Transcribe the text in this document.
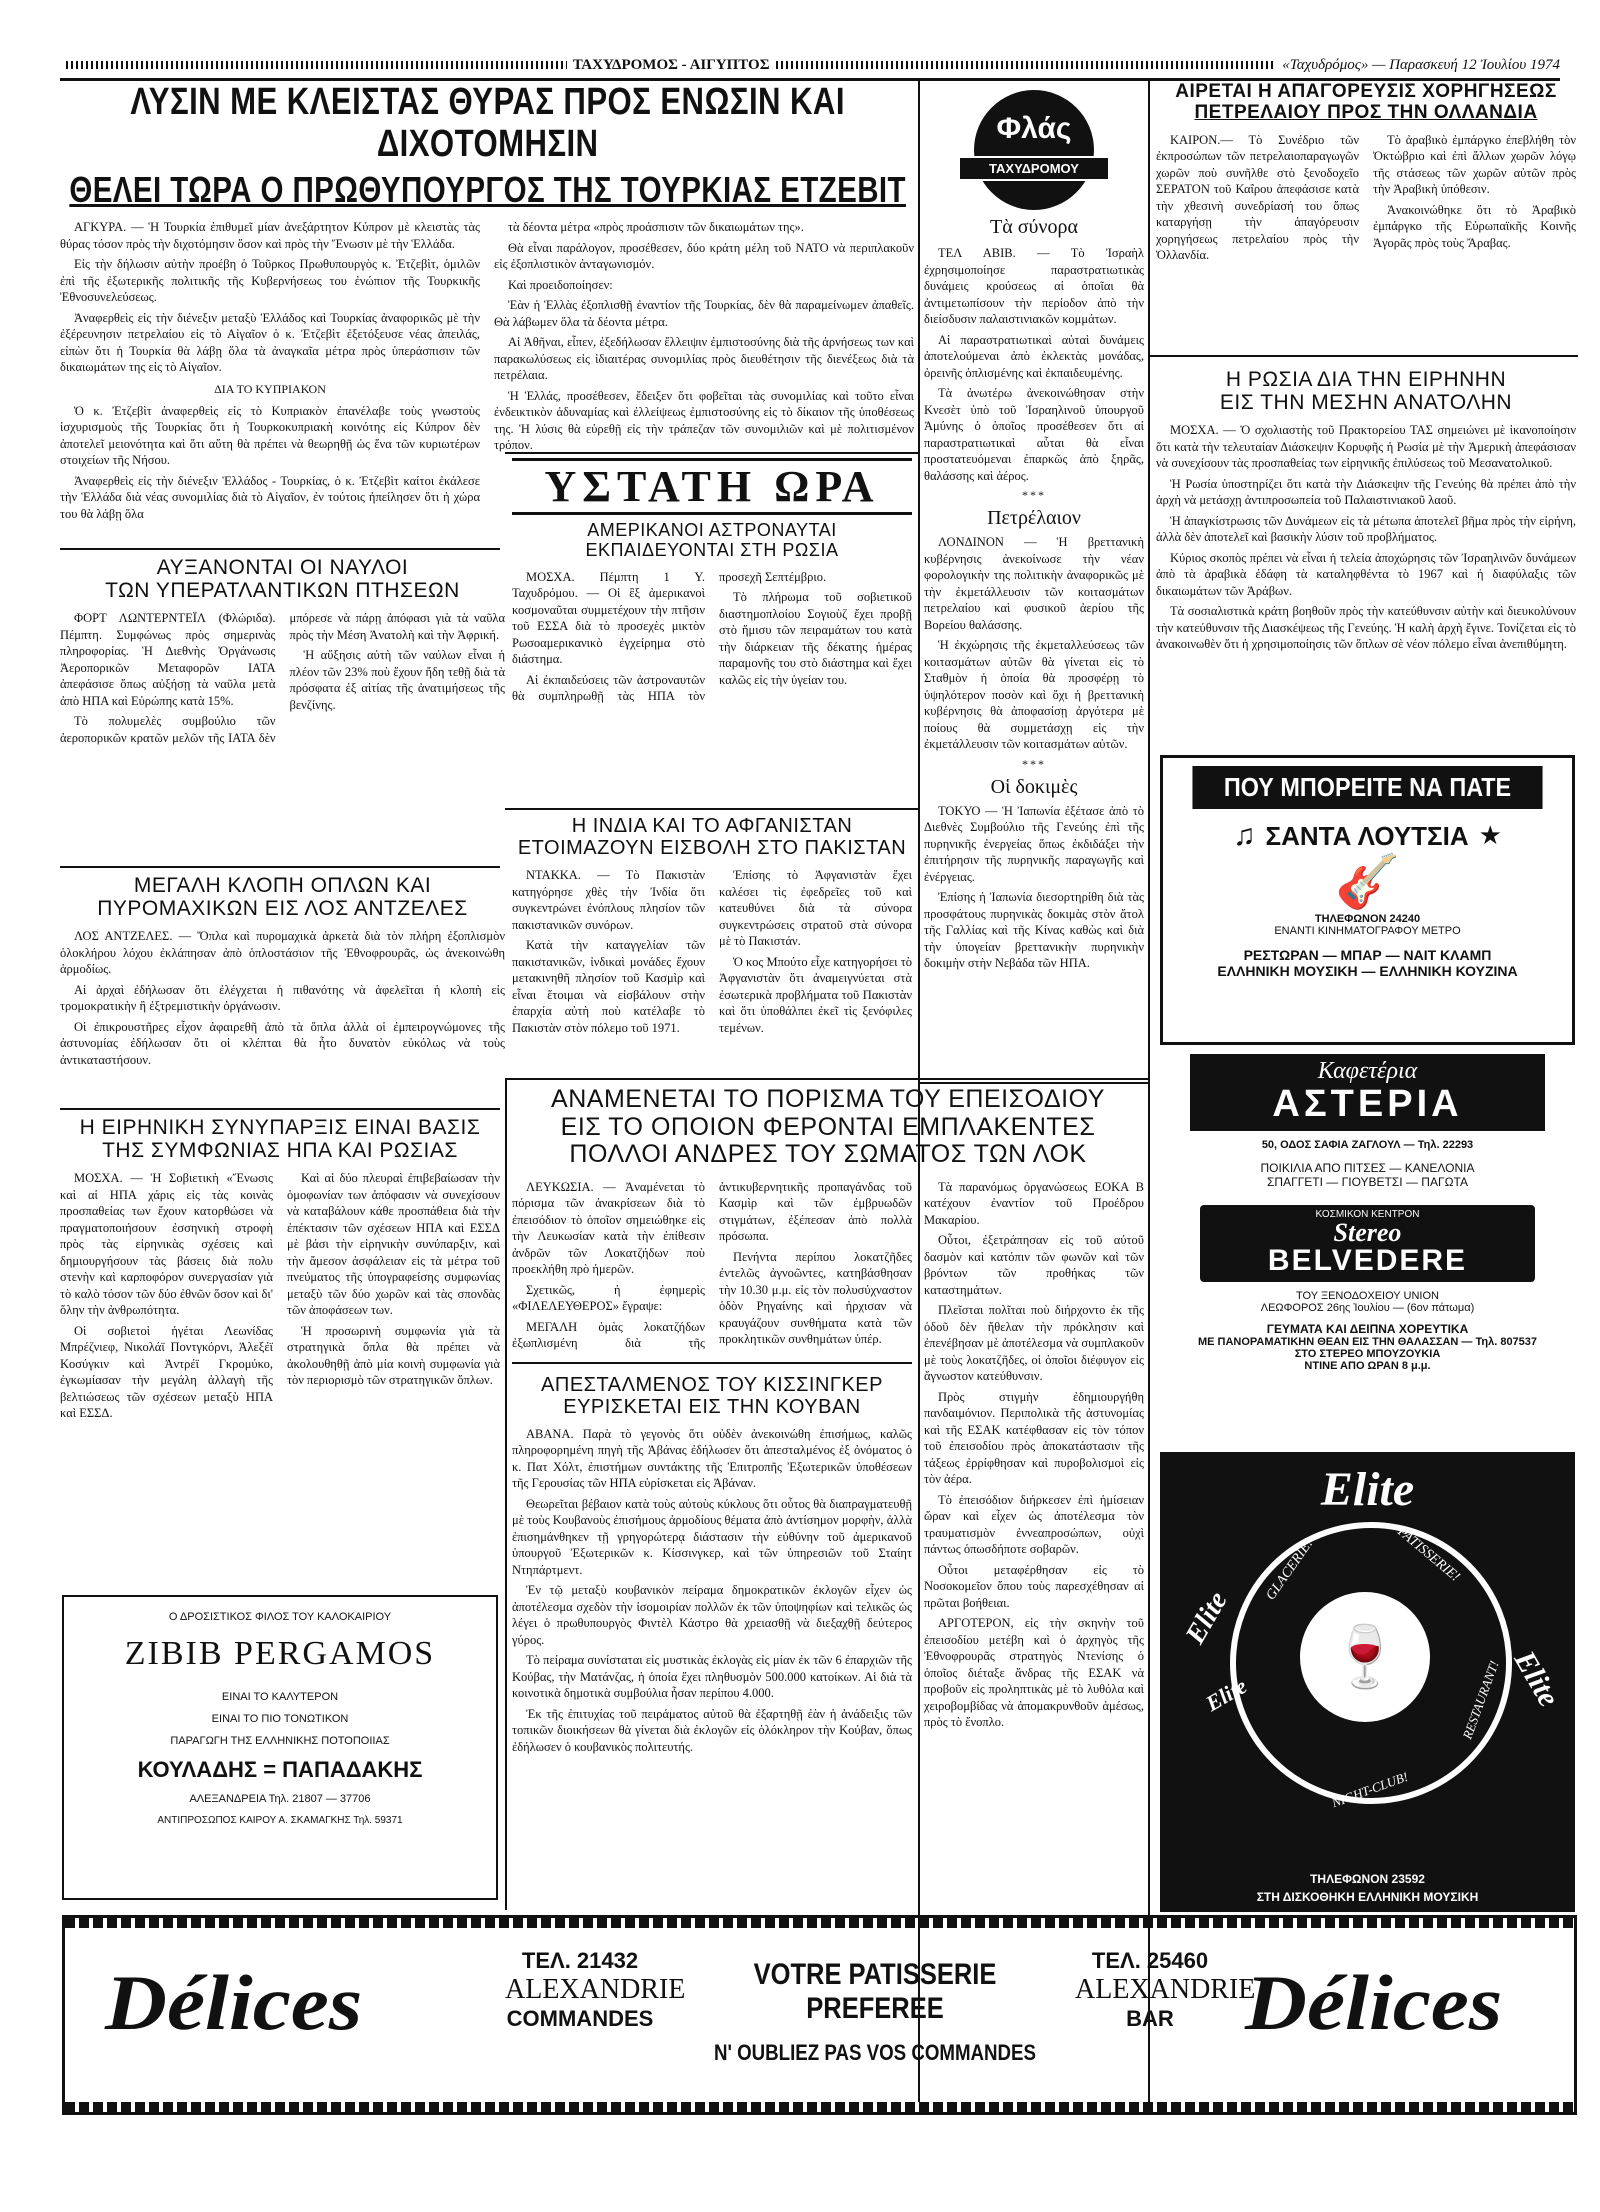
ΤΑΧΥΔΡΟΜΟΣ - ΑΙΓΥΠΤΟΣ	«Ταχυδρόμος» — Παρασκευή 12 Ἰουλίου 1974
ΛΥΣΙΝ ΜΕ ΚΛΕΙΣΤΑΣ ΘΥΡΑΣ ΠΡΟΣ ΕΝΩΣΙΝ ΚΑΙ ΔΙΧΟΤΟΜΗΣΙΝ
ΘΕΛΕΙ ΤΩΡΑ Ο ΠΡΩΘΥΠΟΥΡΓΟΣ ΤΗΣ ΤΟΥΡΚΙΑΣ ΕΤΖΕΒΙΤ

ΑΓΚΥΡΑ. — Ἡ Τουρκία ἐπιθυμεῖ μίαν ἀνεξάρτητον Κύπρον μὲ κλειστὰς τὰς θύρας τόσον πρὸς τὴν διχοτόμησιν ὅσον καὶ πρὸς τὴν Ἕνωσιν μὲ τὴν Ἑλλάδα.

Εἰς τὴν δήλωσιν αὐτὴν προέβη ὁ Τοῦρκος Πρωθυπουργὸς κ. Ἐτζεβὶτ, ὁμιλῶν ἐπὶ τῆς ἐξωτερικῆς πολιτικῆς τῆς Κυβερνήσεως του ἐνώπιον τῆς Τουρκικῆς Ἐθνοσυνελεύσεως.

Ἀναφερθεὶς εἰς τὴν διένεξιν μεταξὺ Ἑλλάδος καὶ Τουρκίας ἀναφορικῶς μὲ τὴν ἐξέρευνησιν πετρελαίου εἰς τὸ Αἰγαῖον ὁ κ. Ἐτζεβὶτ ἐξετόξευσε νέας ἀπειλάς, εἰπὼν ὅτι ἡ Τουρκία θὰ λάβῃ ὅλα τὰ ἀναγκαῖα μέτρα πρὸς ὑπεράσπισιν τῶν δικαιωμάτων της εἰς τὸ Αἰγαῖον.

ΔΙΑ ΤΟ ΚΥΠΡΙΑΚΟΝ

Ὁ κ. Ἐτζεβὶτ ἀναφερθεὶς εἰς τὸ Κυπριακὸν ἐπανέλαβε τοὺς γνωστοὺς ἰσχυρισμοὺς τῆς Τουρκίας ὅτι ἡ Τουρκοκυπριακὴ κοινότης εἰς Κύπρον δὲν ἀποτελεῖ μειονότητα καὶ ὅτι αὕτη θὰ πρέπει νὰ θεωρηθῇ ὡς ἕνα τῶν κυριωτέρων στοιχείων τῆς Νήσου.

Ἀναφερθεὶς εἰς τὴν διένεξιν Ἑλλάδος - Τουρκίας, ὁ κ. Ἐτζεβὶτ καίτοι ἐκάλεσε τὴν Ἑλλάδα διὰ νέας συνομιλίας διὰ τὸ Αἰγαῖον, ἐν τούτοις ἠπείλησεν ὅτι ἡ χώρα του θὰ λάβῃ ὅλα

τὰ δέοντα μέτρα «πρὸς προάσπισιν τῶν δικαιωμάτων της».

Θὰ εἶναι παράλογον, προσέθεσεν, δύο κράτη μέλη τοῦ ΝΑΤΟ νὰ περιπλακοῦν εἰς ἐξοπλιστικὸν ἀνταγωνισμόν.

Καὶ προειδοποίησεν:

Ἐὰν ἡ Ἑλλὰς ἐξοπλισθῇ ἐναντίον τῆς Τουρκίας, δὲν θὰ παραμείνωμεν ἀπαθεῖς. Θὰ λάβωμεν ὅλα τὰ δέοντα μέτρα.

Αἱ Ἀθῆναι, εἶπεν, ἐξεδήλωσαν ἔλλειψιν ἐμπιστοσύνης διὰ τῆς ἀρνήσεως των καὶ παρακωλύσεως εἰς ἰδιαιτέρας συνομιλίας πρὸς διευθέτησιν τῆς διενέξεως διὰ τὰ πετρέλαια.

Ἡ Ἑλλάς, προσέθεσεν, ἔδειξεν ὅτι φοβεῖται τὰς συνομιλίας καὶ τοῦτο εἶναι ἐνδεικτικὸν ἀδυναμίας καὶ ἐλλείψεως ἐμπιστοσύνης εἰς τὸ δίκαιον τῆς ὑποθέσεως της. Ἡ λύσις θὰ εὑρεθῇ εἰς τὴν τράπεζαν τῶν συνομιλιῶν καὶ μὲ πολιτισμένον τρόπον.

Φλάς
ΤΑΧΥΔΡΟΜΟΥ
Τὰ σύνορα

ΤΕΛ ΑΒΙΒ. — Τὸ Ἰσραὴλ ἐχρησιμοποίησε παραστρατιωτικὰς δυνάμεις κρούσεως αἱ ὁποῖαι θὰ ἀντιμετωπίσουν τὴν περίοδον ἀπὸ τὴν διείσδυσιν παλαιστινιακῶν κομμάτων.

Αἱ παραστρατιωτικαὶ αὐταὶ δυνάμεις ἀποτελούμεναι ἀπὸ ἐκλεκτὰς μονάδας, ὀρεινῆς ὁπλισμένης καὶ ἐκπαιδευμένης.

Τὰ ἀνωτέρω ἀνεκοινώθησαν στὴν Κνεσὲτ ὑπὸ τοῦ Ἰσραηλινοῦ ὑπουργοῦ Ἀμύνης ὁ ὁποῖος προσέθεσεν ὅτι αἱ παραστρατιωτικαὶ αὗται θὰ εἶναι προστατευόμεναι ἐπαρκῶς ἀπὸ ξηρᾶς, θαλάσσης καὶ ἀέρος.

***
Πετρέλαιον

ΛΟΝΔΙΝΟΝ — Ἡ βρεττανικὴ κυβέρνησις ἀνεκοίνωσε τὴν νέαν φορολογικὴν της πολιτικὴν ἀναφορικῶς μὲ τὴν ἐκμετάλλευσιν τῶν κοιτασμάτων πετρελαίου καὶ φυσικοῦ ἀερίου τῆς Βορείου θαλάσσης.

Ἡ ἐκχώρησις τῆς ἐκμεταλλεύσεως τῶν κοιτασμάτων αὐτῶν θὰ γίνεται εἰς τὸ Σταθμὸν ἡ ὁποία θὰ προσφέρῃ τὸ ὑψηλότερον ποσὸν καὶ ὄχι ἡ βρεττανικὴ κυβέρνησις θὰ ἀποφασίσῃ ἀργότερα μὲ ποίους θὰ συμμετάσχῃ εἰς τὴν ἐκμετάλλευσιν τῶν κοιτασμάτων αὐτῶν.

***
Οἱ δοκιμὲς

ΤΟΚΥΟ — Ἡ Ἰαπωνία ἐξέτασε ἀπὸ τὸ Διεθνὲς Συμβούλιο τῆς Γενεύης ἐπὶ τῆς πυρηνικῆς ἐνεργείας ὅπως ἐκδιδάξει τὴν ἐπιτήρησιν τῆς πυρηνικῆς παραγωγῆς καὶ ἐνέργειας.

Ἐπίσης ἡ Ἰαπωνία διεσορτηρίθη διὰ τὰς προσφάτους πυρηνικὰς δοκιμὰς στὸν ἄτολ τῆς Γαλλίας καὶ τῆς Κίνας καθὼς καὶ διὰ τὴν ὑπογείαν βρεττανικὴν πυρηνικὴν δοκιμὴν στὴν Νεβάδα τῶν ΗΠΑ.

ΑΙΡΕΤΑΙ Η ΑΠΑΓΟΡΕΥΣΙΣ ΧΟΡΗΓΗΣΕΩΣ
ΠΕΤΡΕΛΑΙΟΥ ΠΡΟΣ ΤΗΝ ΟΛΛΑΝΔΙΑ

ΚΑΙΡΟΝ.— Τὸ Συνέδριο τῶν ἐκπροσώπων τῶν πετρελαιοπαραγωγῶν χωρῶν ποὺ συνῆλθε στὸ ξενοδοχεῖο ΣΕΡΑΤΟΝ τοῦ Καΐρου ἀπεφάσισε κατὰ τὴν χθεσινὴ συνεδρίασή του ὅπως καταργήσῃ τὴν ἀπαγόρευσιν χορηγήσεως πετρελαίου πρὸς τὴν Ὁλλανδία.

Τὸ ἀραβικὸ ἐμπάργκο ἐπεβλήθη τὸν Ὀκτώβριο καὶ ἐπὶ ἄλλων χωρῶν λόγῳ τῆς στάσεως τῶν χωρῶν αὐτῶν πρὸς τὴν Ἀραβικὴ ὑπόθεσιν.

Ἀνακοινώθηκε ὅτι τὸ Ἀραβικὸ ἐμπάργκο τῆς Εὐρωπαϊκῆς Κοινῆς Ἀγορᾶς πρὸς τοὺς Ἄραβας.

Η ΡΩΣΙΑ ΔΙΑ ΤΗΝ ΕΙΡΗΝΗΝ
ΕΙΣ ΤΗΝ ΜΕΣΗΝ ΑΝΑΤΟΛΗΝ

ΜΟΣΧΑ. — Ὁ σχολιαστὴς τοῦ Πρακτορείου ΤΑΣ σημειώνει μὲ ἱκανοποίησιν ὅτι κατὰ τὴν τελευταίαν Διάσκεψιν Κορυφῆς ἡ Ρωσία μὲ τὴν Ἀμερικὴ ἀπεφάσισαν νὰ συνεχίσουν τὰς προσπαθείας των εἰρηνικῆς ἐπιλύσεως τοῦ Μεσανατολικοῦ.

Ἡ Ρωσία ὑποστηρίζει ὅτι κατὰ τὴν Διάσκεψιν τῆς Γενεύης θὰ πρέπει ἀπὸ τὴν ἀρχὴ νὰ μετάσχῃ ἀντιπροσωπεία τοῦ Παλαιστινιακοῦ λαοῦ.

Ἡ ἀπαγκίστρωσις τῶν Δυνάμεων εἰς τὰ μέτωπα ἀποτελεῖ βῆμα πρὸς τὴν εἰρήνη, ἀλλὰ δὲν ἀποτελεῖ καὶ βασικὴν λύσιν τοῦ προβλήματος.

Κύριος σκοπὸς πρέπει νὰ εἶναι ἡ τελεία ἀποχώρησις τῶν Ἰσραηλινῶν δυνάμεων ἀπὸ τὰ ἀραβικὰ ἐδάφη τὰ καταληφθέντα τὸ 1967 καὶ ἡ διαφύλαξις τῶν δικαιωμάτων τῶν Ἀράβων.

Τὰ σοσιαλιστικὰ κράτη βοηθοῦν πρὸς τὴν κατεύθυνσιν αὐτὴν καὶ διευκολύνουν τὴν κατεύθυνσιν τῆς Διασκέψεως τῆς Γενεύης. Ἡ καλὴ ἀρχὴ ἔγινε. Τονίζεται εἰς τὸ ἀνακοινωθὲν ὅτι ἡ χρησιμοποίησις τῶν ὅπλων σὲ νέον πόλεμο εἶναι ἀνεπιθύμητη.

ΠΟΥ ΜΠΟΡΕΙΤΕ ΝΑ ΠΑΤΕ
♫ ΣΑΝΤΑ ΛΟΥΤΣΙΑ ★
🎸
ΤΗΛΕΦΩΝΟΝ 24240
ΕΝΑΝΤΙ ΚΙΝΗΜΑΤΟΓΡΑΦΟΥ ΜΕΤΡΟ
ΡΕΣΤΩΡΑΝ — ΜΠΑΡ — ΝΑΙΤ ΚΛΑΜΠ
ΕΛΛΗΝΙΚΗ ΜΟΥΣΙΚΗ — ΕΛΛΗΝΙΚΗ ΚΟΥΖΙΝΑ
Καφετέρια
ΑΣΤΕΡΙΑ
50, ΟΔΟΣ ΣΑΦΙΑ ΖΑΓΛΟΥΛ — Τηλ. 22293
ΠΟΙΚΙΛΙΑ ΑΠΟ ΠΙΤΣΕΣ — ΚΑΝΕΛΟΝΙΑ
ΣΠΑΓΓΕΤΙ — ΓΙΟΥΒΕΤΣΙ — ΠΑΓΩΤΑ
ΚΟΣΜΙΚΟΝ ΚΕΝΤΡΟΝ
Stereo
BELVEDERE
ΤΟΥ ΞΕΝΟΔΟΧΕΙΟΥ UNION
ΛΕΩΦΟΡΟΣ 26ης Ἰουλίου — (6ον πάτωμα)
ΓΕΥΜΑΤΑ ΚΑΙ ΔΕΙΠΝΑ ΧΟΡΕΥΤΙΚΑ
ΜΕ ΠΑΝΟΡΑΜΑΤΙΚΗΝ ΘΕΑΝ ΕΙΣ ΤΗΝ ΘΑΛΑΣΣΑΝ — Τηλ. 807537
ΣΤΟ ΣΤΕΡΕΟ ΜΠΟΥΖΟΥΚΙΑ
ΝΤΙΝΕ ΑΠΟ ΩΡΑΝ 8 μ.μ.
Elite
Elite
Elite
Elite
GLACERIE!	PATISSERIE!
RESTAURANT!
NIGHT-CLUB!
🍷
ΤΗΛΕΦΩΝΟΝ 23592
ΣΤΗ ΔΙΣΚΟΘΗΚΗ ΕΛΛΗΝΙΚΗ ΜΟΥΣΙΚΗ
ΑΥΞΑΝΟΝΤΑΙ ΟΙ ΝΑΥΛΟΙ
ΤΩΝ ΥΠΕΡΑΤΛΑΝΤΙΚΩΝ ΠΤΗΣΕΩΝ

ΦΟΡΤ ΛΩΝΤΕΡΝΤΕΪΛ (Φλώριδα). Πέμπτη. Συμφώνως πρὸς σημερινὰς πληροφορίας. Ἡ Διεθνὴς Ὀργάνωσις Ἀεροπορικῶν Μεταφορῶν ΙΑΤΑ ἀπεφάσισε ὅπως αὐξήσῃ τὰ ναῦλα μετὰ ἀπὸ ΗΠΑ καὶ Εὐρώπης κατὰ 15%.

Τὸ πολυμελὲς συμβούλιο τῶν ἀεροπορικῶν κρατῶν μελῶν τῆς ΙΑΤΑ δὲν μπόρεσε νὰ πάρῃ ἀπόφασι γιὰ τὰ ναῦλα πρὸς τὴν Μέση Ἀνατολὴ καὶ τὴν Ἀφρική.

Ἡ αὔξησις αὐτὴ τῶν ναύλων εἶναι ἡ πλέον τῶν 23% ποὺ ἔχουν ἤδη τεθῇ διὰ τὰ πρόσφατα ἐξ αἰτίας τῆς ἀνατιμήσεως τῆς βενζίνης.

ΜΕΓΑΛΗ ΚΛΟΠΗ ΟΠΛΩΝ ΚΑΙ
ΠΥΡΟΜΑΧΙΚΩΝ ΕΙΣ ΛΟΣ ΑΝΤΖΕΛΕΣ

ΛΟΣ ΑΝΤΖΕΛΕΣ. — Ὅπλα καὶ πυρομαχικὰ ἀρκετὰ διὰ τὸν πλήρη ἐξοπλισμὸν ὁλοκλήρου λόχου ἐκλάπησαν ἀπὸ ὁπλοστάσιον τῆς Ἐθνοφρουρᾶς, ὡς ἀνεκοινώθη ἁρμοδίως.

Αἱ ἀρχαὶ ἐδήλωσαν ὅτι ἐλέγχεται ἡ πιθανότης νὰ ἀφελεῖται ἡ κλοπὴ εἰς τρομοκρατικὴν ἢ ἐξτρεμιστικὴν ὀργάνωσιν.

Οἱ ἐπικρουστῆρες εἶχον ἀφαιρεθῆ ἀπὸ τὰ ὅπλα ἀλλὰ οἱ ἐμπειρογνώμονες τῆς ἀστυνομίας ἐδήλωσαν ὅτι οἱ κλέπται θὰ ἦτο δυνατὸν εὐκόλως νὰ τοὺς ἀντικαταστήσουν.

Η ΕΙΡΗΝΙΚΗ ΣΥΝΥΠΑΡΞΙΣ ΕΙΝΑΙ ΒΑΣΙΣ
ΤΗΣ ΣΥΜΦΩΝΙΑΣ ΗΠΑ ΚΑΙ ΡΩΣΙΑΣ

ΜΟΣΧΑ. — Ἡ Σοβιετικὴ «Ἔνωσις καὶ αἱ ΗΠΑ χάρις εἰς τὰς κοινὰς προσπαθείας των ἔχουν κατορθώσει νὰ πραγματοποιήσουν ἐσσηνικὴ στροφὴ πρὸς τὰς εἰρηνικὰς σχέσεις καὶ δημιουργήσουν τὰς βάσεις διὰ πολυ στενὴν καὶ καρποφόρον συνεργασίαν γιὰ τὸ καλὸ τόσον τῶν δύο ἐθνῶν ὅσον καὶ δι' ὅλην τὴν ἀνθρωπότητα.

Οἱ σοβιετοὶ ἡγέται Λεωνίδας Μπρέζνιεφ, Νικολάϊ Ποντγκόρνι, Ἀλεξέϊ Κοσύγκιν καὶ Ἀντρέϊ Γκρομύκο, ἐγκωμίασαν τὴν μεγάλη ἀλλαγὴ τῆς βελτιώσεως τῶν σχέσεων μεταξὺ ΗΠΑ καὶ ΕΣΣΔ.

Καὶ αἱ δύο πλευραὶ ἐπιβεβαίωσαν τὴν ὁμοφωνίαν των ἀπόφασιν νὰ συνεχίσουν νὰ καταβάλουν κάθε προσπάθεια διὰ τὴν ἐπέκτασιν τῶν σχέσεων ΗΠΑ καὶ ΕΣΣΔ μὲ βάσι τὴν εἰρηνικὴν συνύπαρξιν, καὶ τὴν ἄμεσον ἀσφάλειαν εἰς τὰ μέτρα τοῦ πνεύματος τῆς ὑπογραφείσης συμφωνίας μεταξὺ τῶν δύο χωρῶν καὶ τὰς σπονδὰς τῶν ἀποφάσεων των.

Ἡ προσωρινὴ συμφωνία γιὰ τὰ στρατηγικὰ ὅπλα θὰ πρέπει νὰ ἀκολουθηθῇ ἀπὸ μία κοινὴ συμφωνία γιὰ τὸν περιορισμὸ τῶν στρατηγικῶν ὅπλων.

Ο ΔΡΟΣΙΣΤΙΚΟΣ ΦΙΛΟΣ ΤΟΥ ΚΑΛΟΚΑΙΡΙΟΥ
ZIBIB PERGAMOS
ΕΙΝΑΙ ΤΟ ΚΑΛΥΤΕΡΟΝ
ΕΙΝΑΙ ΤΟ ΠΙΟ ΤΟΝΩΤΙΚΟΝ
ΠΑΡΑΓΩΓΗ ΤΗΣ ΕΛΛΗΝΙΚΗΣ ΠΟΤΟΠΟΙΙΑΣ
ΚΟΥΛΑΔΗΣ = ΠΑΠΑΔΑΚΗΣ
ΑΛΕΞΑΝΔΡΕΙΑ Τηλ. 21807 — 37706
ΑΝΤΙΠΡΟΣΩΠΟΣ ΚΑΙΡΟΥ Α. ΣΚΑΜΑΓΚΗΣ Τηλ. 59371
ΥΣΤΑΤΗ ΩΡΑ
ΑΜΕΡΙΚΑΝΟΙ ΑΣΤΡΟΝΑΥΤΑΙ
ΕΚΠΑΙΔΕΥΟΝΤΑΙ ΣΤΗ ΡΩΣΙΑ

ΜΟΣΧΑ. Πέμπτη 1 Υ. Ταχυδρόμου. — Οἱ ἓξ ἀμερικανοὶ κοσμοναῦται συμμετέχουν τὴν πτῆσιν τοῦ ΕΣΣΑ διὰ τὸ προσεχὲς μικτὸν Ρωσοαμερικανικὸ ἐγχείρημα στὸ διάστημα.

Αἱ ἐκπαιδεύσεις τῶν ἀστροναυτῶν θὰ συμπληρωθῇ τὰς ΗΠΑ τὸν προσεχῆ Σεπτέμβριο.

Τὸ πλήρωμα τοῦ σοβιετικοῦ διαστημοπλοίου Σογιοὺζ ἔχει προβῇ στὸ ἥμισυ τῶν πειραμάτων του κατὰ τὴν διάρκειαν τῆς δέκατης ἡμέρας παραμονῆς του στὸ διάστημα καὶ ἔχει καλῶς εἰς τὴν ὑγείαν του.

Η ΙΝΔΙΑ ΚΑΙ ΤΟ ΑΦΓΑΝΙΣΤΑΝ
ΕΤΟΙΜΑΖΟΥΝ ΕΙΣΒΟΛΗ ΣΤΟ ΠΑΚΙΣΤΑΝ

ΝΤΑΚΚΑ. — Τὸ Πακιστὰν κατηγόρησε χθὲς τὴν Ἰνδία ὅτι συγκεντρώνει ἐνόπλους πλησίον τῶν πακιστανικῶν συνόρων.

Κατὰ τὴν καταγγελίαν τῶν πακιστανικῶν, ἰνδικαὶ μονάδες ἔχουν μετακινηθῆ πλησίον τοῦ Κασμὶρ καὶ εἶναι ἕτοιμαι νὰ εἰσβάλουν στὴν ἐπαρχία αὐτὴ ποὺ κατέλαβε τὸ Πακιστὰν στὸν πόλεμο τοῦ 1971.

Ἐπίσης τὸ Ἀφγανιστὰν ἔχει καλέσει τὶς ἐφεδρεῖες τοῦ καὶ κατευθύνει διὰ τὰ σύνορα συγκεντρώσεις στρατοῦ στὰ σύνορα μὲ τὸ Πακιστάν.

Ὁ κος Μπούτο εἶχε κατηγορήσει τὸ Ἀφγανιστὰν ὅτι ἀναμειγνύεται στὰ ἐσωτερικὰ προβλήματα τοῦ Πακιστὰν καὶ ὅτι ὑποθάλπει ἐκεῖ τὶς ξενόφιλες τεμένων.

ΑΝΑΜΕΝΕΤΑΙ ΤΟ ΠΟΡΙΣΜΑ ΤΟΥ ΕΠΕΙΣΟΔΙΟΥ
ΕΙΣ ΤΟ ΟΠΟΙΟΝ ΦΕΡΟΝΤΑΙ ΕΜΠΛΑΚΕΝΤΕΣ
ΠΟΛΛΟΙ ΑΝΔΡΕΣ ΤΟΥ ΣΩΜΑΤΟΣ ΤΩΝ ΛΟΚ

ΛΕΥΚΩΣΙΑ. — Ἀναμένεται τὸ πόρισμα τῶν ἀνακρίσεων διὰ τὸ ἐπεισόδιον τὸ ὁποῖον σημειώθηκε εἰς τὴν Λευκωσίαν κατὰ τὴν ἐπίθεσιν ἀνδρῶν τῶν Λοκατζήδων ποὺ προεκλήθη πρὸ ἡμερῶν.

Σχετικῶς, ἡ ἐφημερὶς «ΦΙΛΕΛΕΥΘΕΡΟΣ» ἔγραψε:

ΜΕΓΑΛΗ ὁμὰς λοκατζήδων ἐξωπλισμένη διὰ τῆς ἀντικυβερνητικῆς προπαγάνδας τοῦ Κασμὶρ καὶ τῶν ἐμβρυωδῶν στιγμάτων, ἐξέπεσαν ἀπὸ πολλὰ πρόσωπα.

Πενήντα περίπου λοκατζῆδες ἐντελῶς ἀγνοῶντες, κατηβάσθησαν τὴν 10.30 μ.μ. εἰς τὸν πολυσύχναστον ὁδὸν Ρηγαίνης καὶ ἠρχισαν νὰ κραυγάζουν συνθήματα κατὰ τῶν προκλητικῶν συνθημάτων ὑπέρ.

ΑΠΕΣΤΑΛΜΕΝΟΣ ΤΟΥ ΚΙΣΣΙΝΓΚΕΡ
ΕΥΡΙΣΚΕΤΑΙ ΕΙΣ ΤΗΝ ΚΟΥΒΑΝ

ΑΒΑΝΑ. Παρὰ τὸ γεγονὸς ὅτι οὐδὲν ἀνεκοινώθη ἐπισήμως, καλῶς πληροφορημένη πηγὴ τῆς Ἀβάνας ἐδήλωσεν ὅτι ἀπεσταλμένος ἐξ ὀνόματος ὁ κ. Πατ Χόλτ, ἐπιστήμων συντάκτης τῆς Ἐπιτροπῆς Ἐξωτερικῶν ὑποθέσεων τῆς Γερουσίας τῶν ΗΠΑ εὑρίσκεται εἰς Ἀβάναν.

Θεωρεῖται βέβαιον κατὰ τοὺς αὐτοὺς κύκλους ὅτι οὗτος θὰ διαπραγματευθῇ μὲ τοὺς Κουβανοὺς ἐπισήμους ἀρμοδίους θέματα ἀπὸ ἀντίσημον μορφὴν, ἀλλὰ ἐπισημάνθηκεν τῇ γρηγορώτερᾳ διάστασιν τὴν εὐθύνην τοῦ ἀμερικανοῦ ὑπουργοῦ Ἐξωτερικῶν κ. Κίσσινγκερ, καὶ τῶν ὑπηρεσιῶν τοῦ Σταίητ Ντηπάρτμεντ.

Ἐν τῷ μεταξὺ κουβανικὸν πείραμα δημοκρατικῶν ἐκλογῶν εἶχεν ὡς ἀποτέλεσμα σχεδὸν τὴν ἰσομοιρίαν πολλῶν ἐκ τῶν ὑποψηφίων καὶ τελικῶς ὡς λέγει ὁ πρωθυπουργὸς Φιντὲλ Κάστρο θὰ χρειασθῇ νὰ διεξαχθῇ δεύτερος γύρος.

Τὸ πείραμα συνίσταται εἰς μυστικὰς ἐκλογὰς εἰς μίαν ἐκ τῶν 6 ἐπαρχιῶν τῆς Κούβας, τὴν Ματάνζας, ἡ ὁποία ἔχει πληθυσμὸν 500.000 κατοίκων. Αἱ διὰ τὰ κοινοτικὰ δημοτικὰ συμβούλια ἦσαν περίπου 4.000.

Ἐκ τῆς ἐπιτυχίας τοῦ πειράματος αὐτοῦ θὰ ἐξαρτηθῇ ἐὰν ἡ ἀνάδειξις τῶν τοπικῶν διοικήσεων θὰ γίνεται διὰ ἐκλογῶν εἰς ὁλόκληρον τὴν Κούβαν, ὅπως ἐδήλωσεν ὁ κουβανικὸς πολιτευτής.

Τὰ παρανόμως ὀργανώσεως ΕΟΚΑ Β κατέχουν ἐναντίον τοῦ Προέδρου Μακαρίου.

Οὗτοι, ἐξετράπησαν εἰς τοῦ αὐτοῦ δασμὸν καὶ κατόπιν τῶν φωνῶν καὶ τῶν βρόντων τῶν προθήκας τῶν καταστημάτων.

Πλεῖσται πολῖται ποὺ διήρχοντο ἐκ τῆς ὁδοῦ δὲν ἤθελαν τὴν πρόκλησιν καὶ ἐπενέβησαν μὲ ἀποτέλεσμα νὰ συμπλακοῦν μὲ τοὺς λοκατζῆδες, οἱ ὁποῖοι διέφυγον εἰς ἄγνωστον κατεύθυνσιν.

Πρὸς στιγμὴν ἐδημιουργήθη πανδαιμόνιον. Περιπολικὰ τῆς ἀστυνομίας καὶ τῆς ΕΣΑΚ κατέφθασαν εἰς τὸν τόπον τοῦ ἐπεισοδίου πρὸς ἀποκατάστασιν τῆς τάξεως ἐρρίφθησαν καὶ πυροβολισμοὶ εἰς τὸν ἀέρα.

Τὸ ἐπεισόδιον διήρκεσεν ἐπὶ ἡμίσειαν ὥραν καὶ εἶχεν ὡς ἀποτέλεσμα τὸν τραυματισμὸν ἐννεαπροσώπων, οὐχὶ πάντως ὁπωσδήποτε σοβαρῶν.

Οὗτοι μεταφέρθησαν εἰς τὸ Νοσοκομεῖον ὅπου τοὺς παρεσχέθησαν αἱ πρῶται βοήθειαι.

ΑΡΓΟΤΕΡΟΝ, εἰς τὴν σκηνὴν τοῦ ἐπεισοδίου μετέβη καὶ ὁ ἀρχηγὸς τῆς Ἐθνοφρουρᾶς στρατηγὸς Ντενίσης ὁ ὁποῖος διέταξε ἄνδρας τῆς ΕΣΑΚ νὰ προβοῦν εἰς προληπτικὰς μὲ τὸ λυθόλα καὶ χειροβομβίδας νὰ ἀπομακρυνθοῦν ἀμέσως, πρὸς τὸ ἔνοπλο.

Délices	ΤΕΛ. 21432
ALEXANDRIE
COMMANDES
VOTRE PATISSERIE PREFEREE
N' OUBLIEZ PAS VOS COMMANDES
ΤΕΛ. 25460
ALEXANDRIE
BAR Délices
